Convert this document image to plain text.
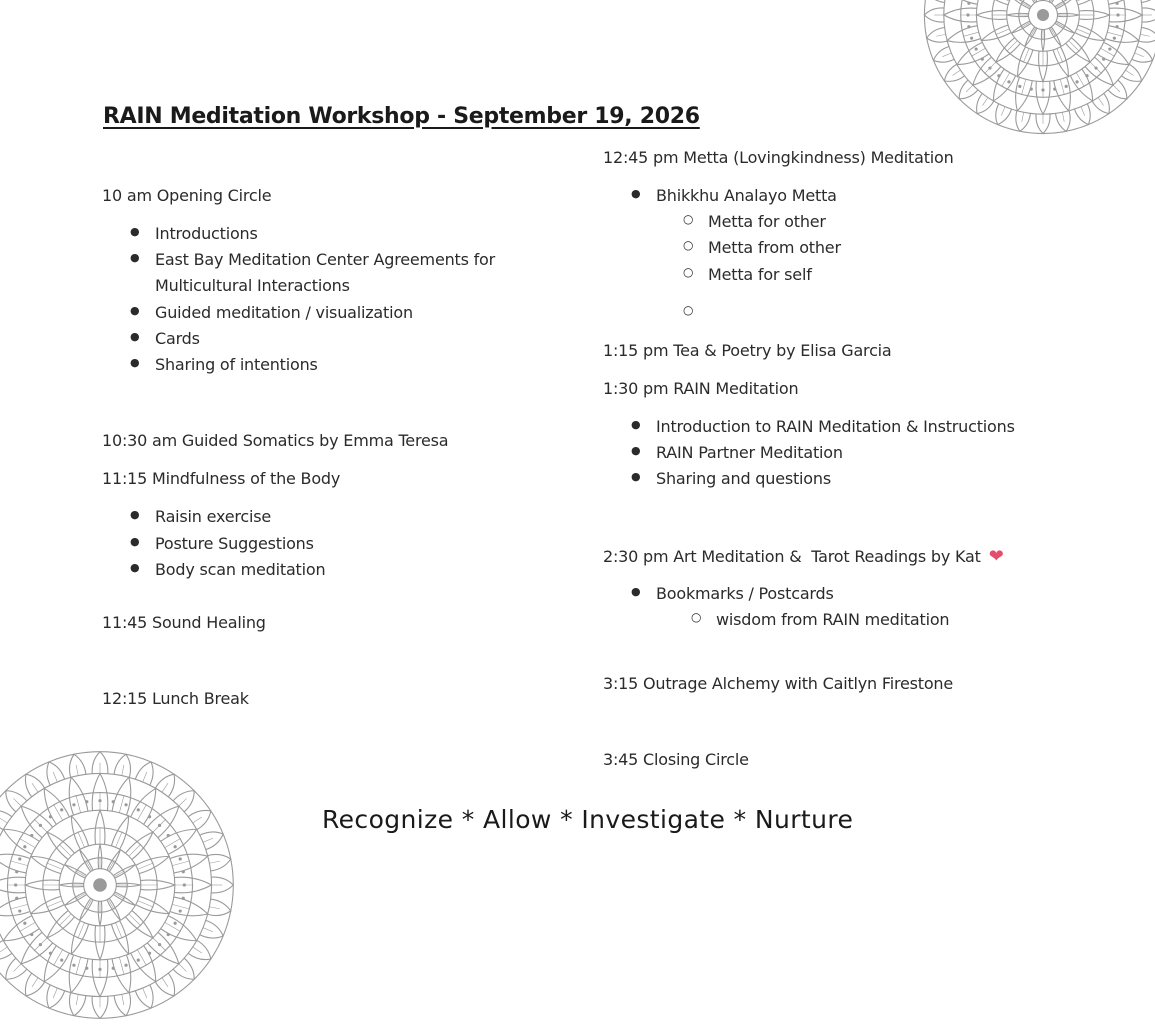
RAIN Meditation Workshop - September 19, 2026
10 am Opening Circle
● Introductions
● East Bay Meditation Center Agreements for
Multicultural Interactions
● Guided meditation / visualization
● Cards
● Sharing of intentions
10:30 am Guided Somatics by Emma Teresa
11:15 Mindfulness of the Body
● Raisin exercise
● Posture Suggestions
● Body scan meditation
11:45 Sound Healing
12:15 Lunch Break
12:45 pm Metta (Lovingkindness) Meditation
● Bhikkhu Analayo Metta
○ Metta for other
○ Metta from other
○ Metta for self
1:15 pm Tea & Poetry by Elisa Garcia
1:30 pm RAIN Meditation
● Introduction to RAIN Meditation & Instructions
● RAIN Partner Meditation
● Sharing and questions
2:30 pm Art Meditation &  Tarot Readings by Kat ❤
● Bookmarks / Postcards
○ wisdom from RAIN meditation
3:15 Outrage Alchemy with Caitlyn Firestone
3:45 Closing Circle
Recognize * Allow * Investigate * Nurture
